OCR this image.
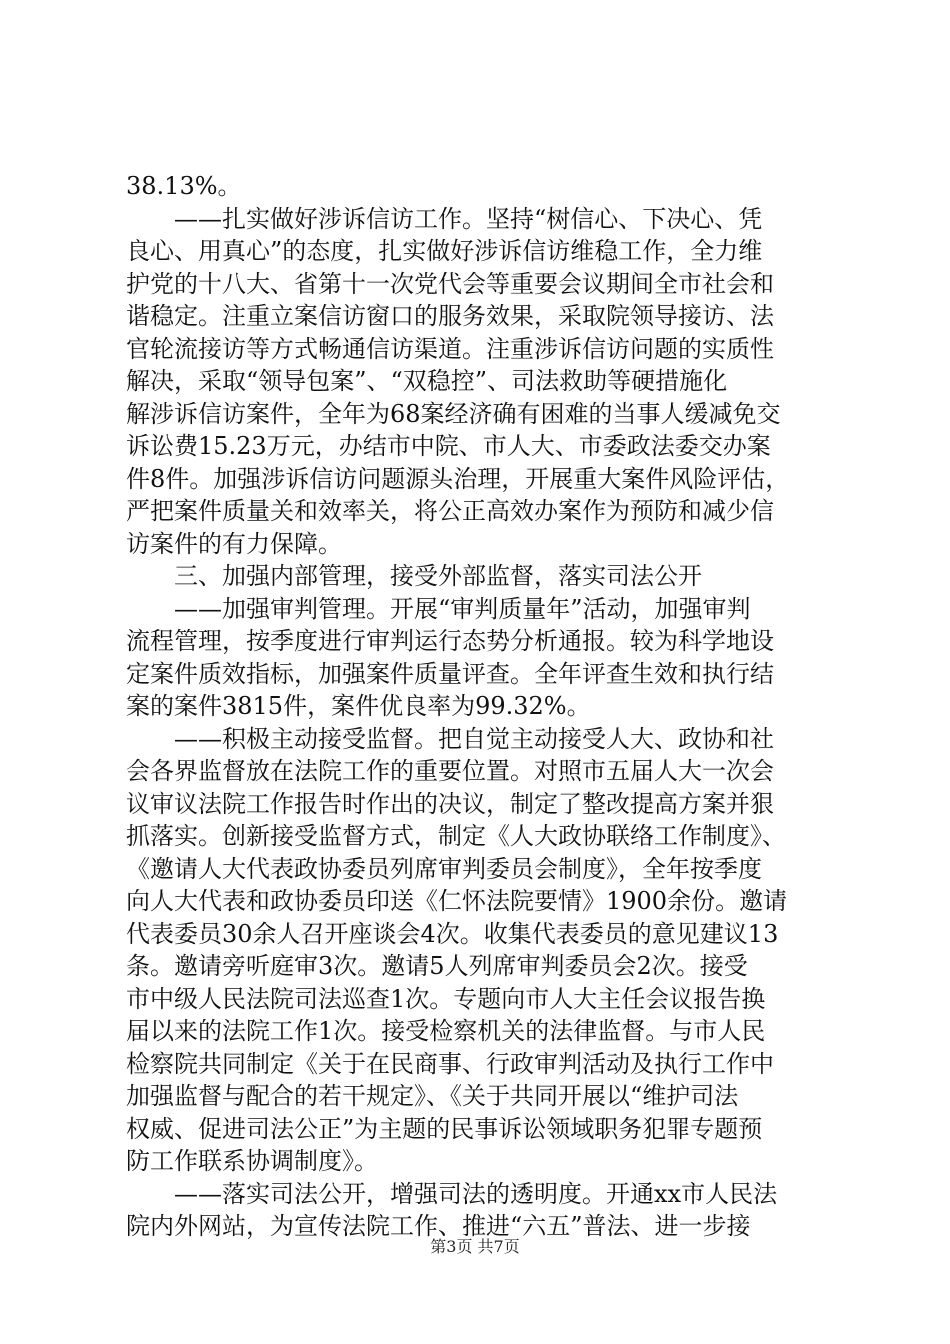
38.13%。
——扎实做好涉诉信访工作。坚持“树信心、下决心、凭
良心、用真心”的态度，扎实做好涉诉信访维稳工作，全力维
护党的十八大、省第十一次党代会等重要会议期间全市社会和
谐稳定。注重立案信访窗口的服务效果，采取院领导接访、法
官轮流接访等方式畅通信访渠道。注重涉诉信访问题的实质性
解决，采取“领导包案”、“双稳控”、司法救助等硬措施化
解涉诉信访案件，全年为68案经济确有困难的当事人缓减免交
诉讼费15.23万元，办结市中院、市人大、市委政法委交办案
件8件。加强涉诉信访问题源头治理，开展重大案件风险评估，
严把案件质量关和效率关，将公正高效办案作为预防和减少信
访案件的有力保障。
三、加强内部管理，接受外部监督，落实司法公开
——加强审判管理。开展“审判质量年”活动，加强审判
流程管理，按季度进行审判运行态势分析通报。较为科学地设
定案件质效指标，加强案件质量评查。全年评查生效和执行结
案的案件3815件，案件优良率为99.32%。
——积极主动接受监督。把自觉主动接受人大、政协和社
会各界监督放在法院工作的重要位置。对照市五届人大一次会
议审议法院工作报告时作出的决议，制定了整改提高方案并狠
抓落实。创新接受监督方式，制定《人大政协联络工作制度》、
《邀请人大代表政协委员列席审判委员会制度》，全年按季度
向人大代表和政协委员印送《仁怀法院要情》1900余份。邀请
代表委员30余人召开座谈会4次。收集代表委员的意见建议13
条。邀请旁听庭审3次。邀请5人列席审判委员会2次。接受
市中级人民法院司法巡查1次。专题向市人大主任会议报告换
届以来的法院工作1次。接受检察机关的法律监督。与市人民
检察院共同制定《关于在民商事、行政审判活动及执行工作中
加强监督与配合的若干规定》、《关于共同开展以“维护司法
权威、促进司法公正”为主题的民事诉讼领域职务犯罪专题预
防工作联系协调制度》。
——落实司法公开，增强司法的透明度。开通xx市人民法
院内外网站，为宣传法院工作、推进“六五”普法、进一步接
第3页 共7页
